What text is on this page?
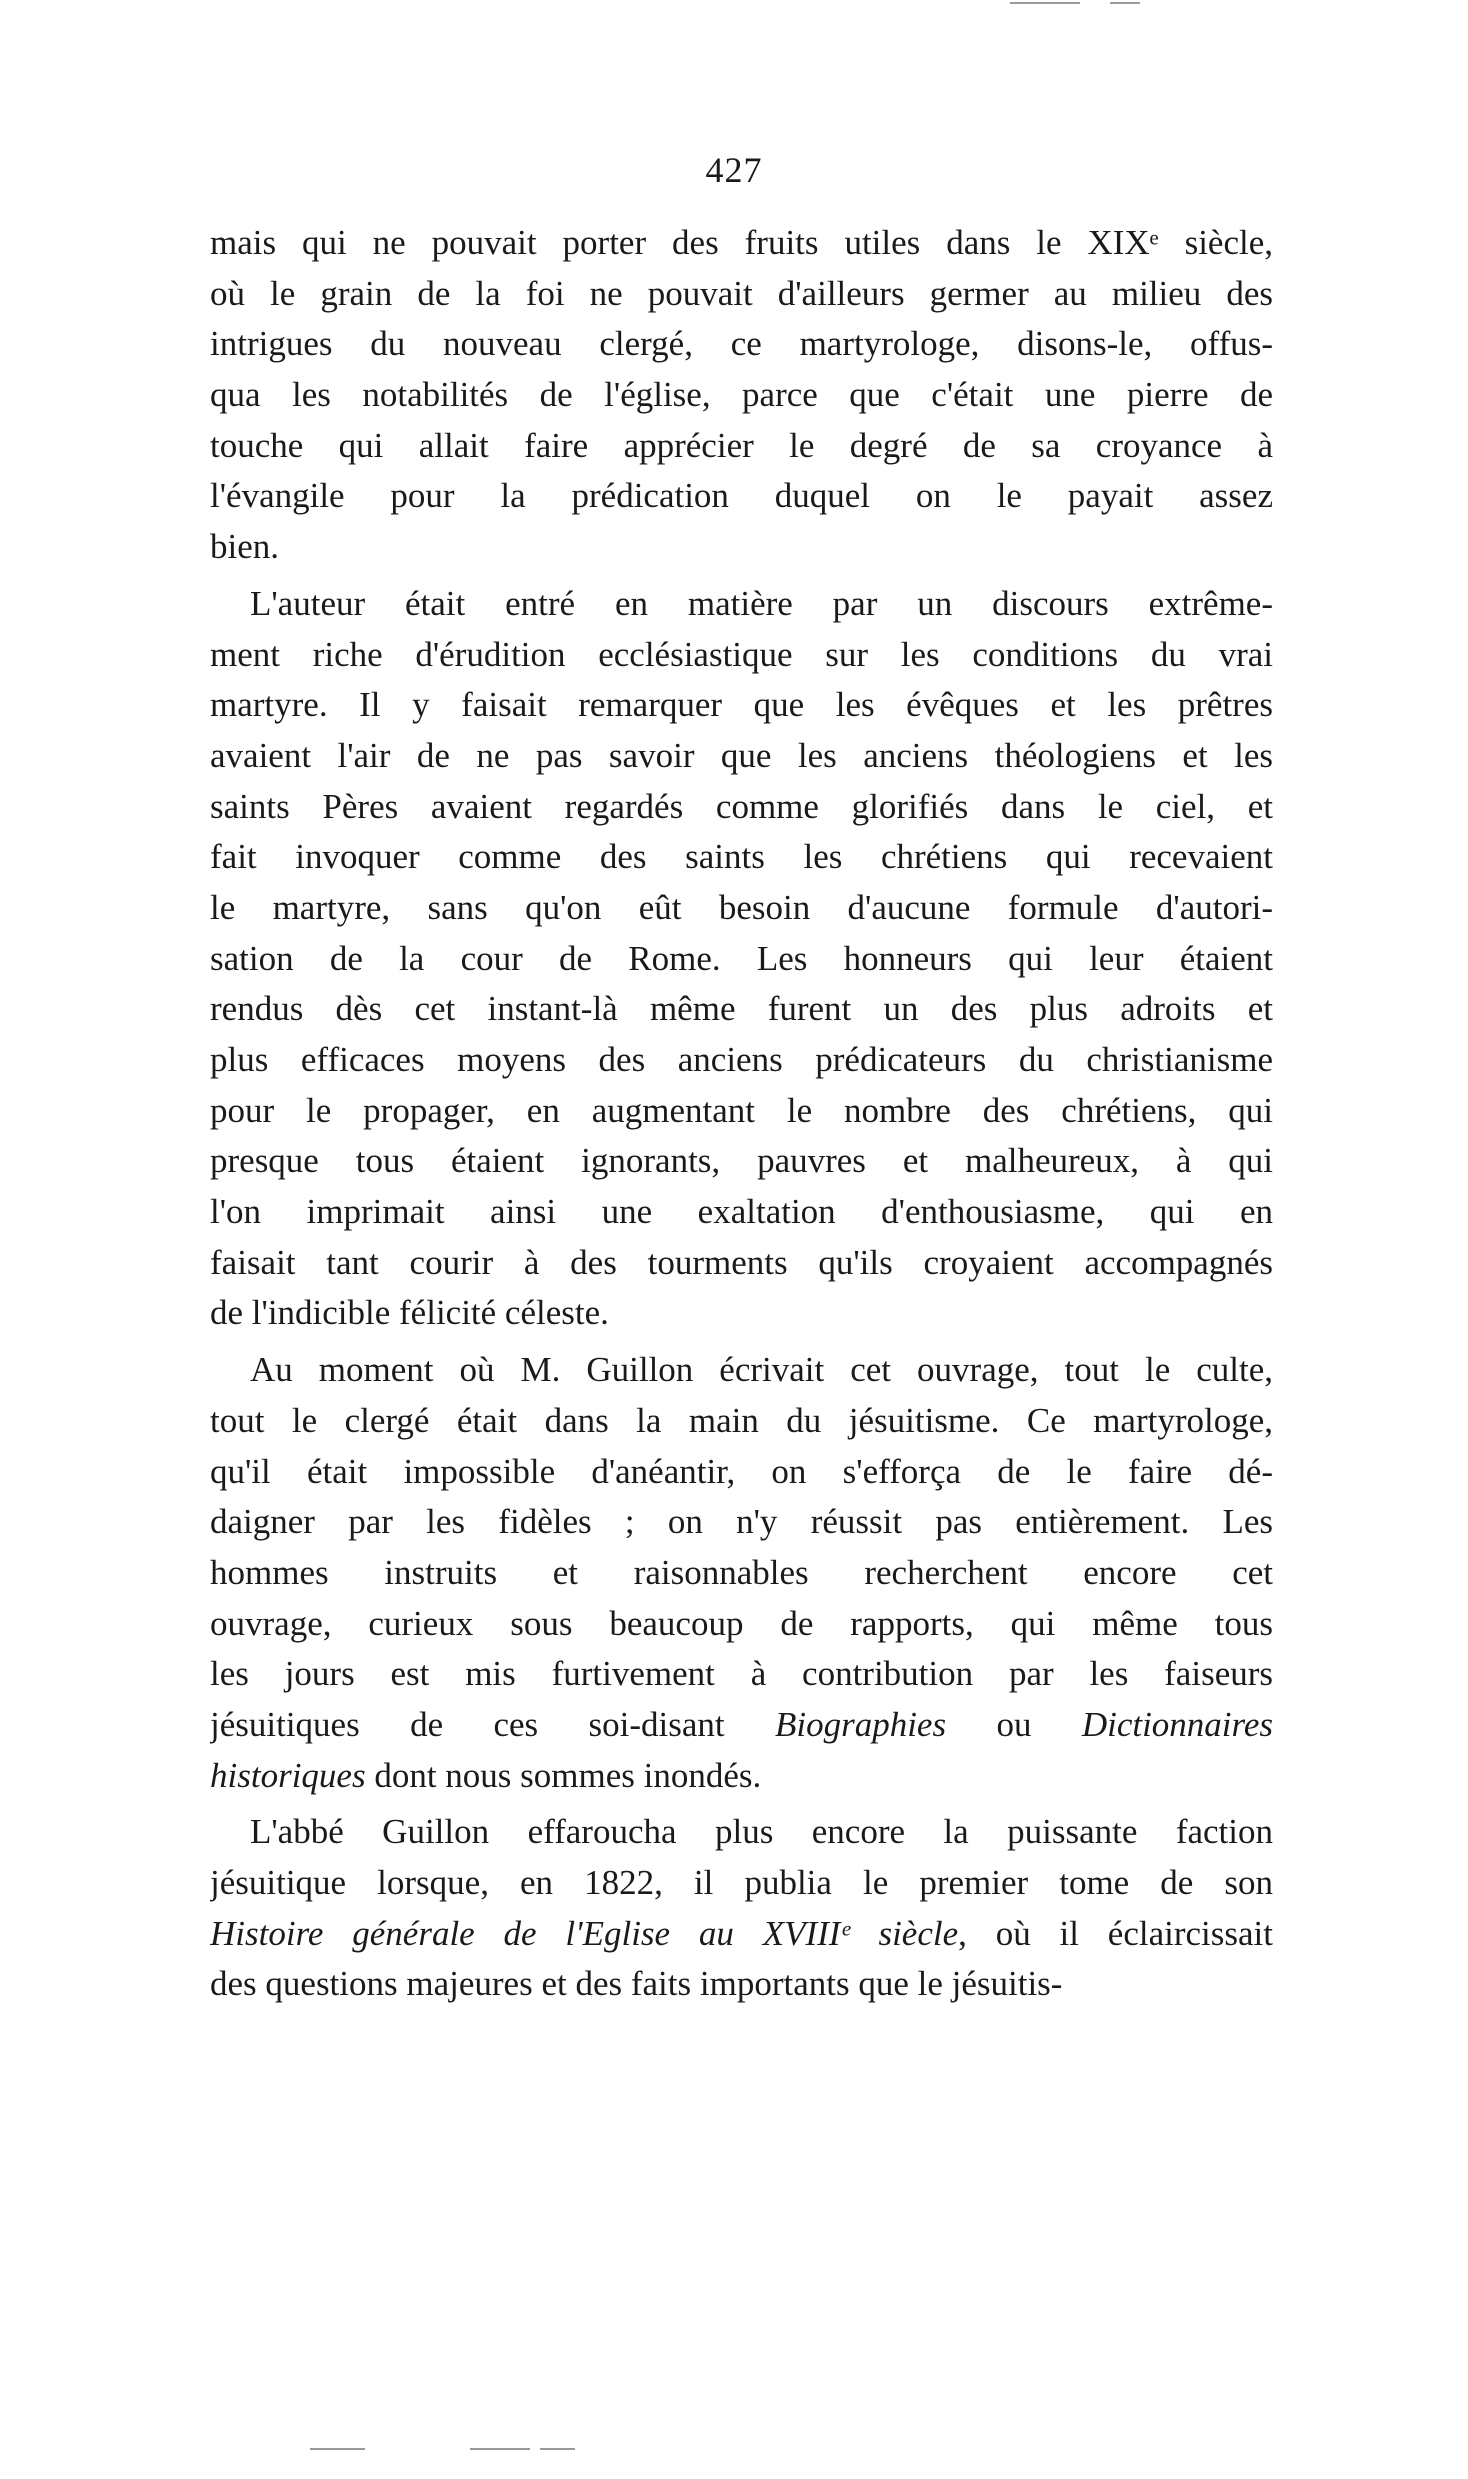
427
mais qui ne pouvait porter des fruits utiles dans le XIXᵉ siècle,
où le grain de la foi ne pouvait d'ailleurs germer au milieu des
intrigues du nouveau clergé, ce martyrologe, disons-le, offus-
qua les notabilités de l'église, parce que c'était une pierre de
touche qui allait faire apprécier le degré de sa croyance à
l'évangile pour la prédication duquel on le payait assez
bien.
L'auteur était entré en matière par un discours extrême-
ment riche d'érudition ecclésiastique sur les conditions du vrai
martyre. Il y faisait remarquer que les évêques et les prêtres
avaient l'air de ne pas savoir que les anciens théologiens et les
saints Pères avaient regardés comme glorifiés dans le ciel, et
fait invoquer comme des saints les chrétiens qui recevaient
le martyre, sans qu'on eût besoin d'aucune formule d'autori-
sation de la cour de Rome. Les honneurs qui leur étaient
rendus dès cet instant-là même furent un des plus adroits et
plus efficaces moyens des anciens prédicateurs du christianisme
pour le propager, en augmentant le nombre des chrétiens, qui
presque tous étaient ignorants, pauvres et malheureux, à qui
l'on imprimait ainsi une exaltation d'enthousiasme, qui en
faisait tant courir à des tourments qu'ils croyaient accompagnés
de l'indicible félicité céleste.
Au moment où M. Guillon écrivait cet ouvrage, tout le culte,
tout le clergé était dans la main du jésuitisme. Ce martyrologe,
qu'il était impossible d'anéantir, on s'efforça de le faire dé-
daigner par les fidèles ; on n'y réussit pas entièrement. Les
hommes instruits et raisonnables recherchent encore cet
ouvrage, curieux sous beaucoup de rapports, qui même tous
les jours est mis furtivement à contribution par les faiseurs
jésuitiques de ces soi-disant Biographies ou Dictionnaires
historiques dont nous sommes inondés.
L'abbé Guillon effaroucha plus encore la puissante faction
jésuitique lorsque, en 1822, il publia le premier tome de son
Histoire générale de l'Eglise au XVIIIᵉ siècle, où il éclaircissait
des questions majeures et des faits importants que le jésuitis-
